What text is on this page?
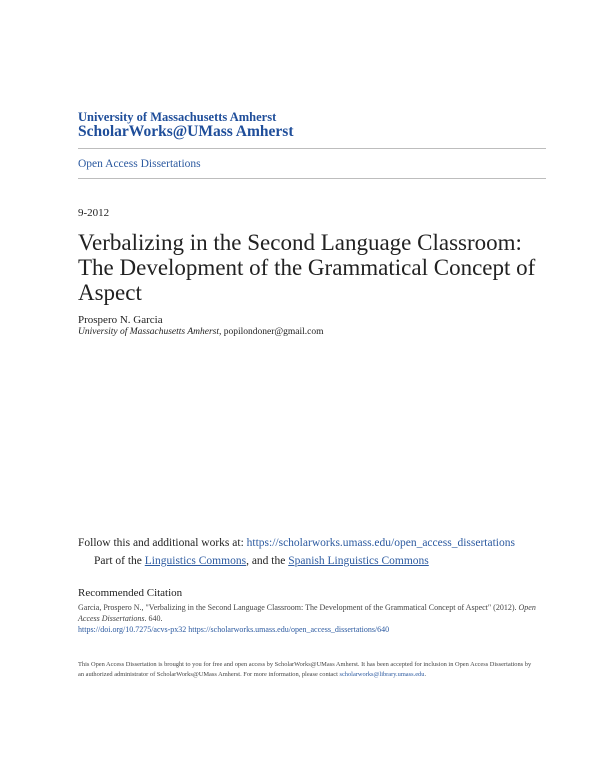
University of Massachusetts Amherst
ScholarWorks@UMass Amherst
Open Access Dissertations
9-2012
Verbalizing in the Second Language Classroom: The Development of the Grammatical Concept of Aspect
Prospero N. Garcia
University of Massachusetts Amherst, popilondoner@gmail.com
Follow this and additional works at: https://scholarworks.umass.edu/open_access_dissertations
Part of the Linguistics Commons, and the Spanish Linguistics Commons
Recommended Citation
Garcia, Prospero N., "Verbalizing in the Second Language Classroom: The Development of the Grammatical Concept of Aspect" (2012). Open Access Dissertations. 640.
https://doi.org/10.7275/acvs-px32 https://scholarworks.umass.edu/open_access_dissertations/640
This Open Access Dissertation is brought to you for free and open access by ScholarWorks@UMass Amherst. It has been accepted for inclusion in Open Access Dissertations by an authorized administrator of ScholarWorks@UMass Amherst. For more information, please contact scholarworks@library.umass.edu.
